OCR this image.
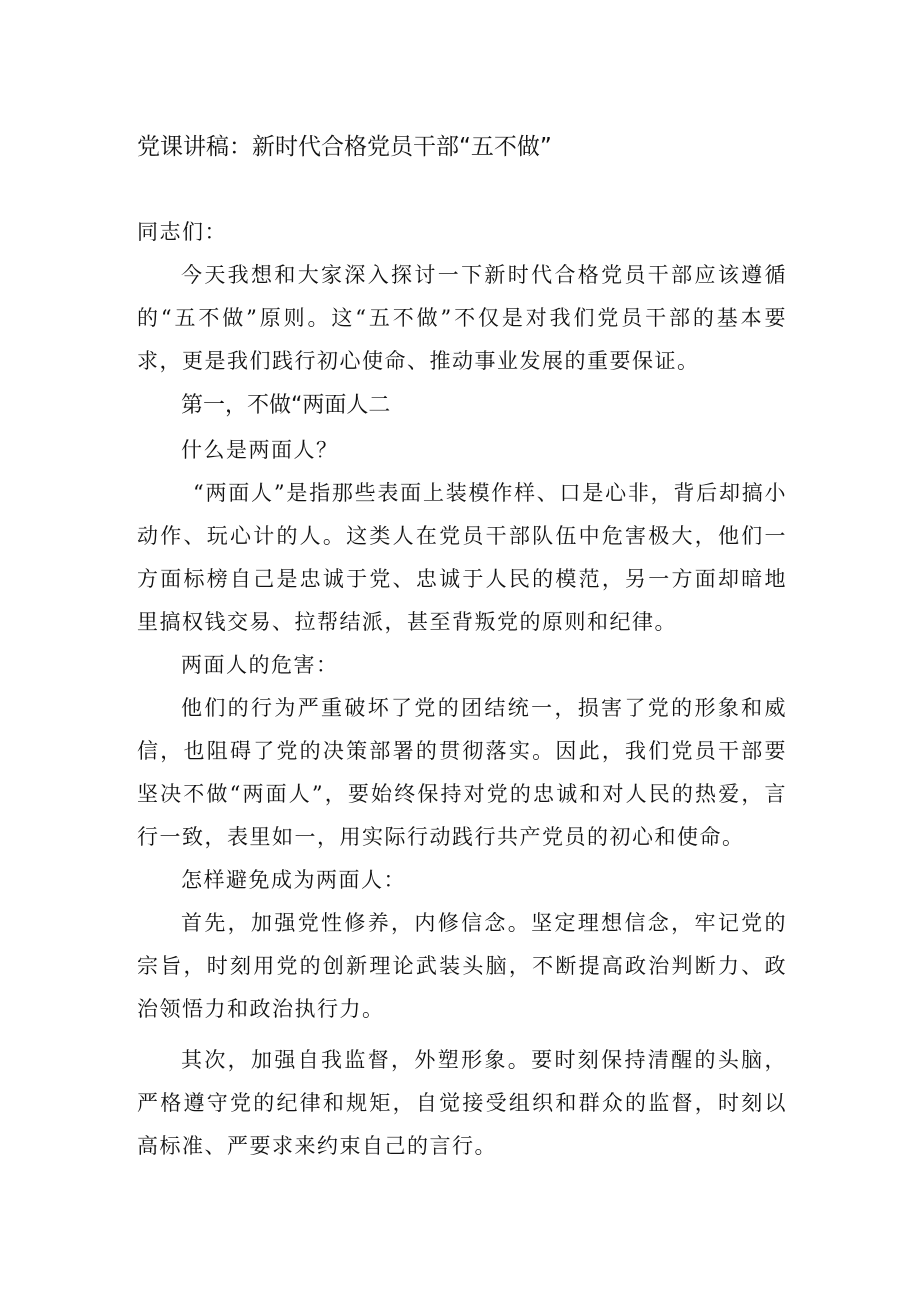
党课讲稿：新时代合格党员干部“五不做”

同志们：

今天我想和大家深入探讨一下新时代合格党员干部应该遵循的“五不做”原则。这“五不做”不仅是对我们党员干部的基本要求，更是我们践行初心使命、推动事业发展的重要保证。

第一，不做“两面人二

什么是两面人？

“两面人”是指那些表面上装模作样、口是心非，背后却搞小动作、玩心计的人。这类人在党员干部队伍中危害极大，他们一方面标榜自己是忠诚于党、忠诚于人民的模范，另一方面却暗地里搞权钱交易、拉帮结派，甚至背叛党的原则和纪律。

两面人的危害：

他们的行为严重破坏了党的团结统一，损害了党的形象和威信，也阻碍了党的决策部署的贯彻落实。因此，我们党员干部要坚决不做“两面人”，要始终保持对党的忠诚和对人民的热爱，言行一致，表里如一，用实际行动践行共产党员的初心和使命。

怎样避免成为两面人：

首先，加强党性修养，内修信念。坚定理想信念，牢记党的宗旨，时刻用党的创新理论武装头脑，不断提高政治判断力、政治领悟力和政治执行力。

其次，加强自我监督，外塑形象。要时刻保持清醒的头脑，严格遵守党的纪律和规矩，自觉接受组织和群众的监督，时刻以高标准、严要求来约束自己的言行。
